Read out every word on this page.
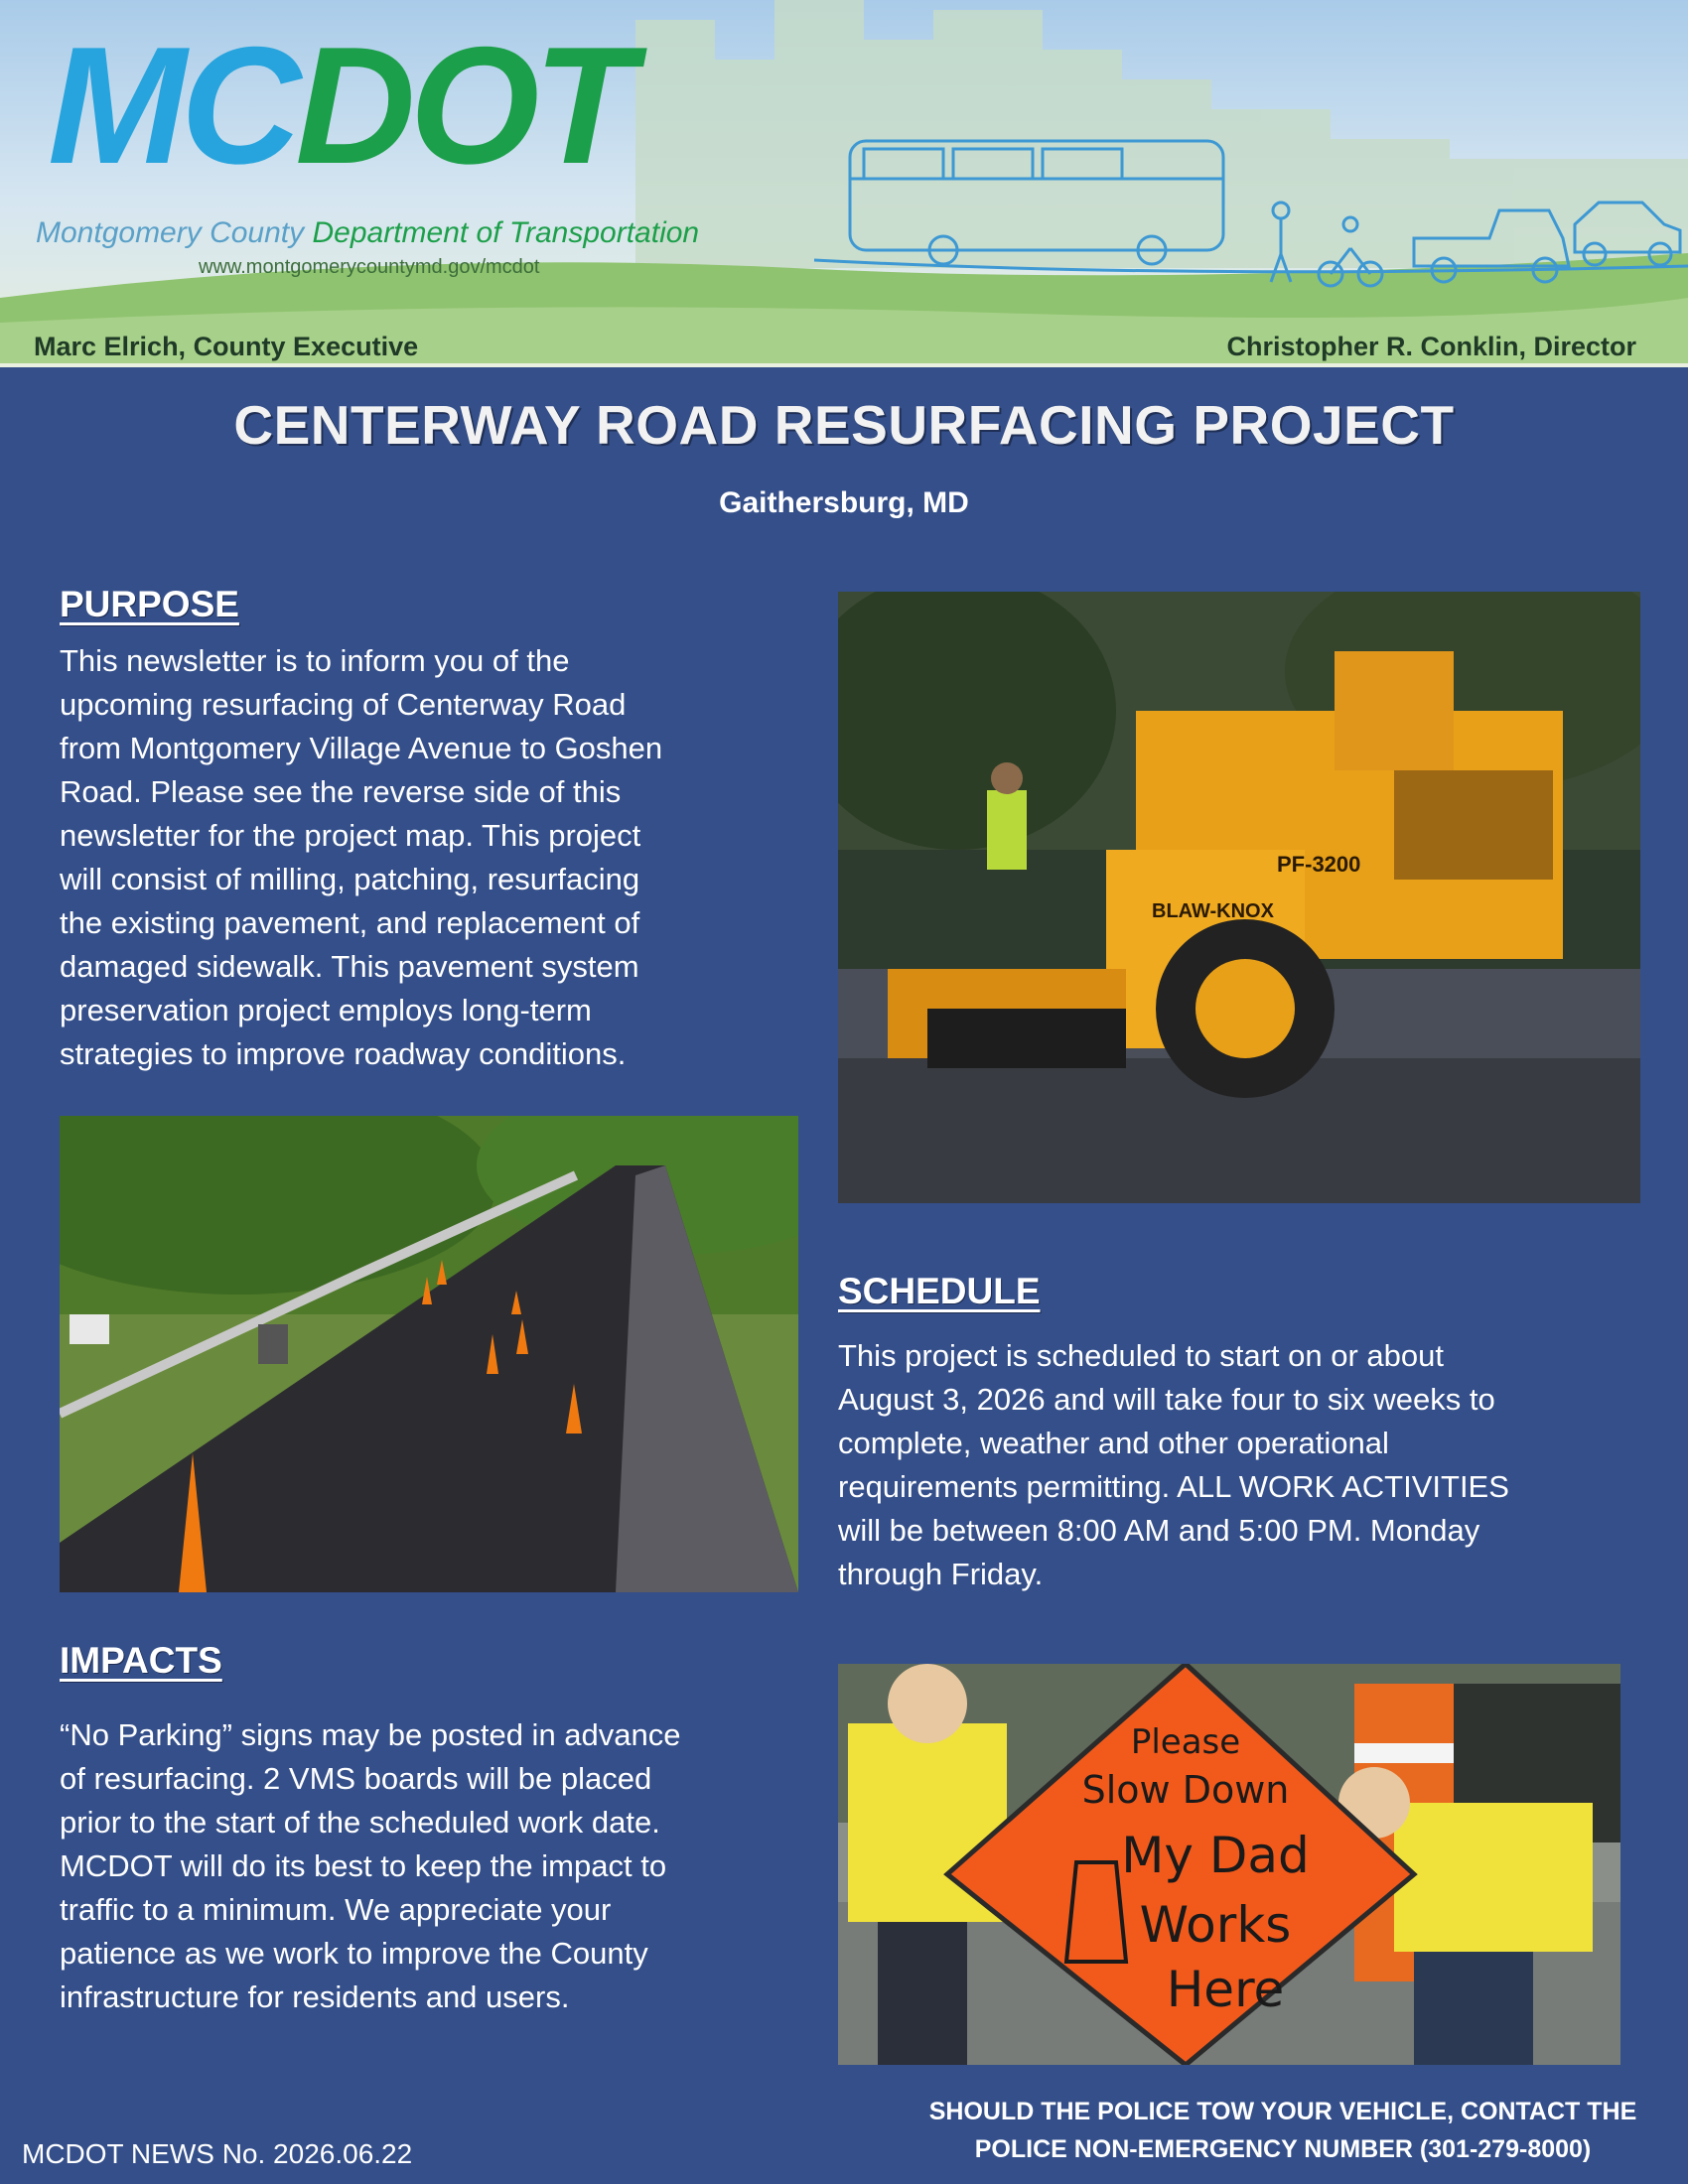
MCDOT
Montgomery County Department of Transportation
www.montgomerycountymd.gov/mcdot
Marc Elrich, County Executive	Christopher R. Conklin, Director
CENTERWAY ROAD RESURFACING PROJECT
Gaithersburg, MD
PURPOSE
This newsletter is to inform you of the
upcoming resurfacing of Centerway Road
from Montgomery Village Avenue to Goshen
Road. Please see the reverse side of this
newsletter for the project map. This project
will consist of milling, patching, resurfacing
the existing pavement, and replacement of
damaged sidewalk. This pavement system
preservation project employs long-term
strategies to improve roadway conditions.
PF-3200
BLAW-KNOX
SCHEDULE
This project is scheduled to start on or about
August 3, 2026 and will take four to six weeks to
complete, weather and other operational
requirements permitting. ALL WORK ACTIVITIES
will be between 8:00 AM and 5:00 PM. Monday
through Friday.
IMPACTS
“No Parking” signs may be posted in advance
of resurfacing. 2 VMS boards will be placed
prior to the start of the scheduled work date.
MCDOT will do its best to keep the impact to
traffic to a minimum. We appreciate your
patience as we work to improve the County
infrastructure for residents and users.
Please
Slow Down
My Dad
Works
Here
MCDOT NEWS No. 2026.06.22
SHOULD THE POLICE TOW YOUR VEHICLE, CONTACT THE
POLICE NON-EMERGENCY NUMBER (301-279-8000)
